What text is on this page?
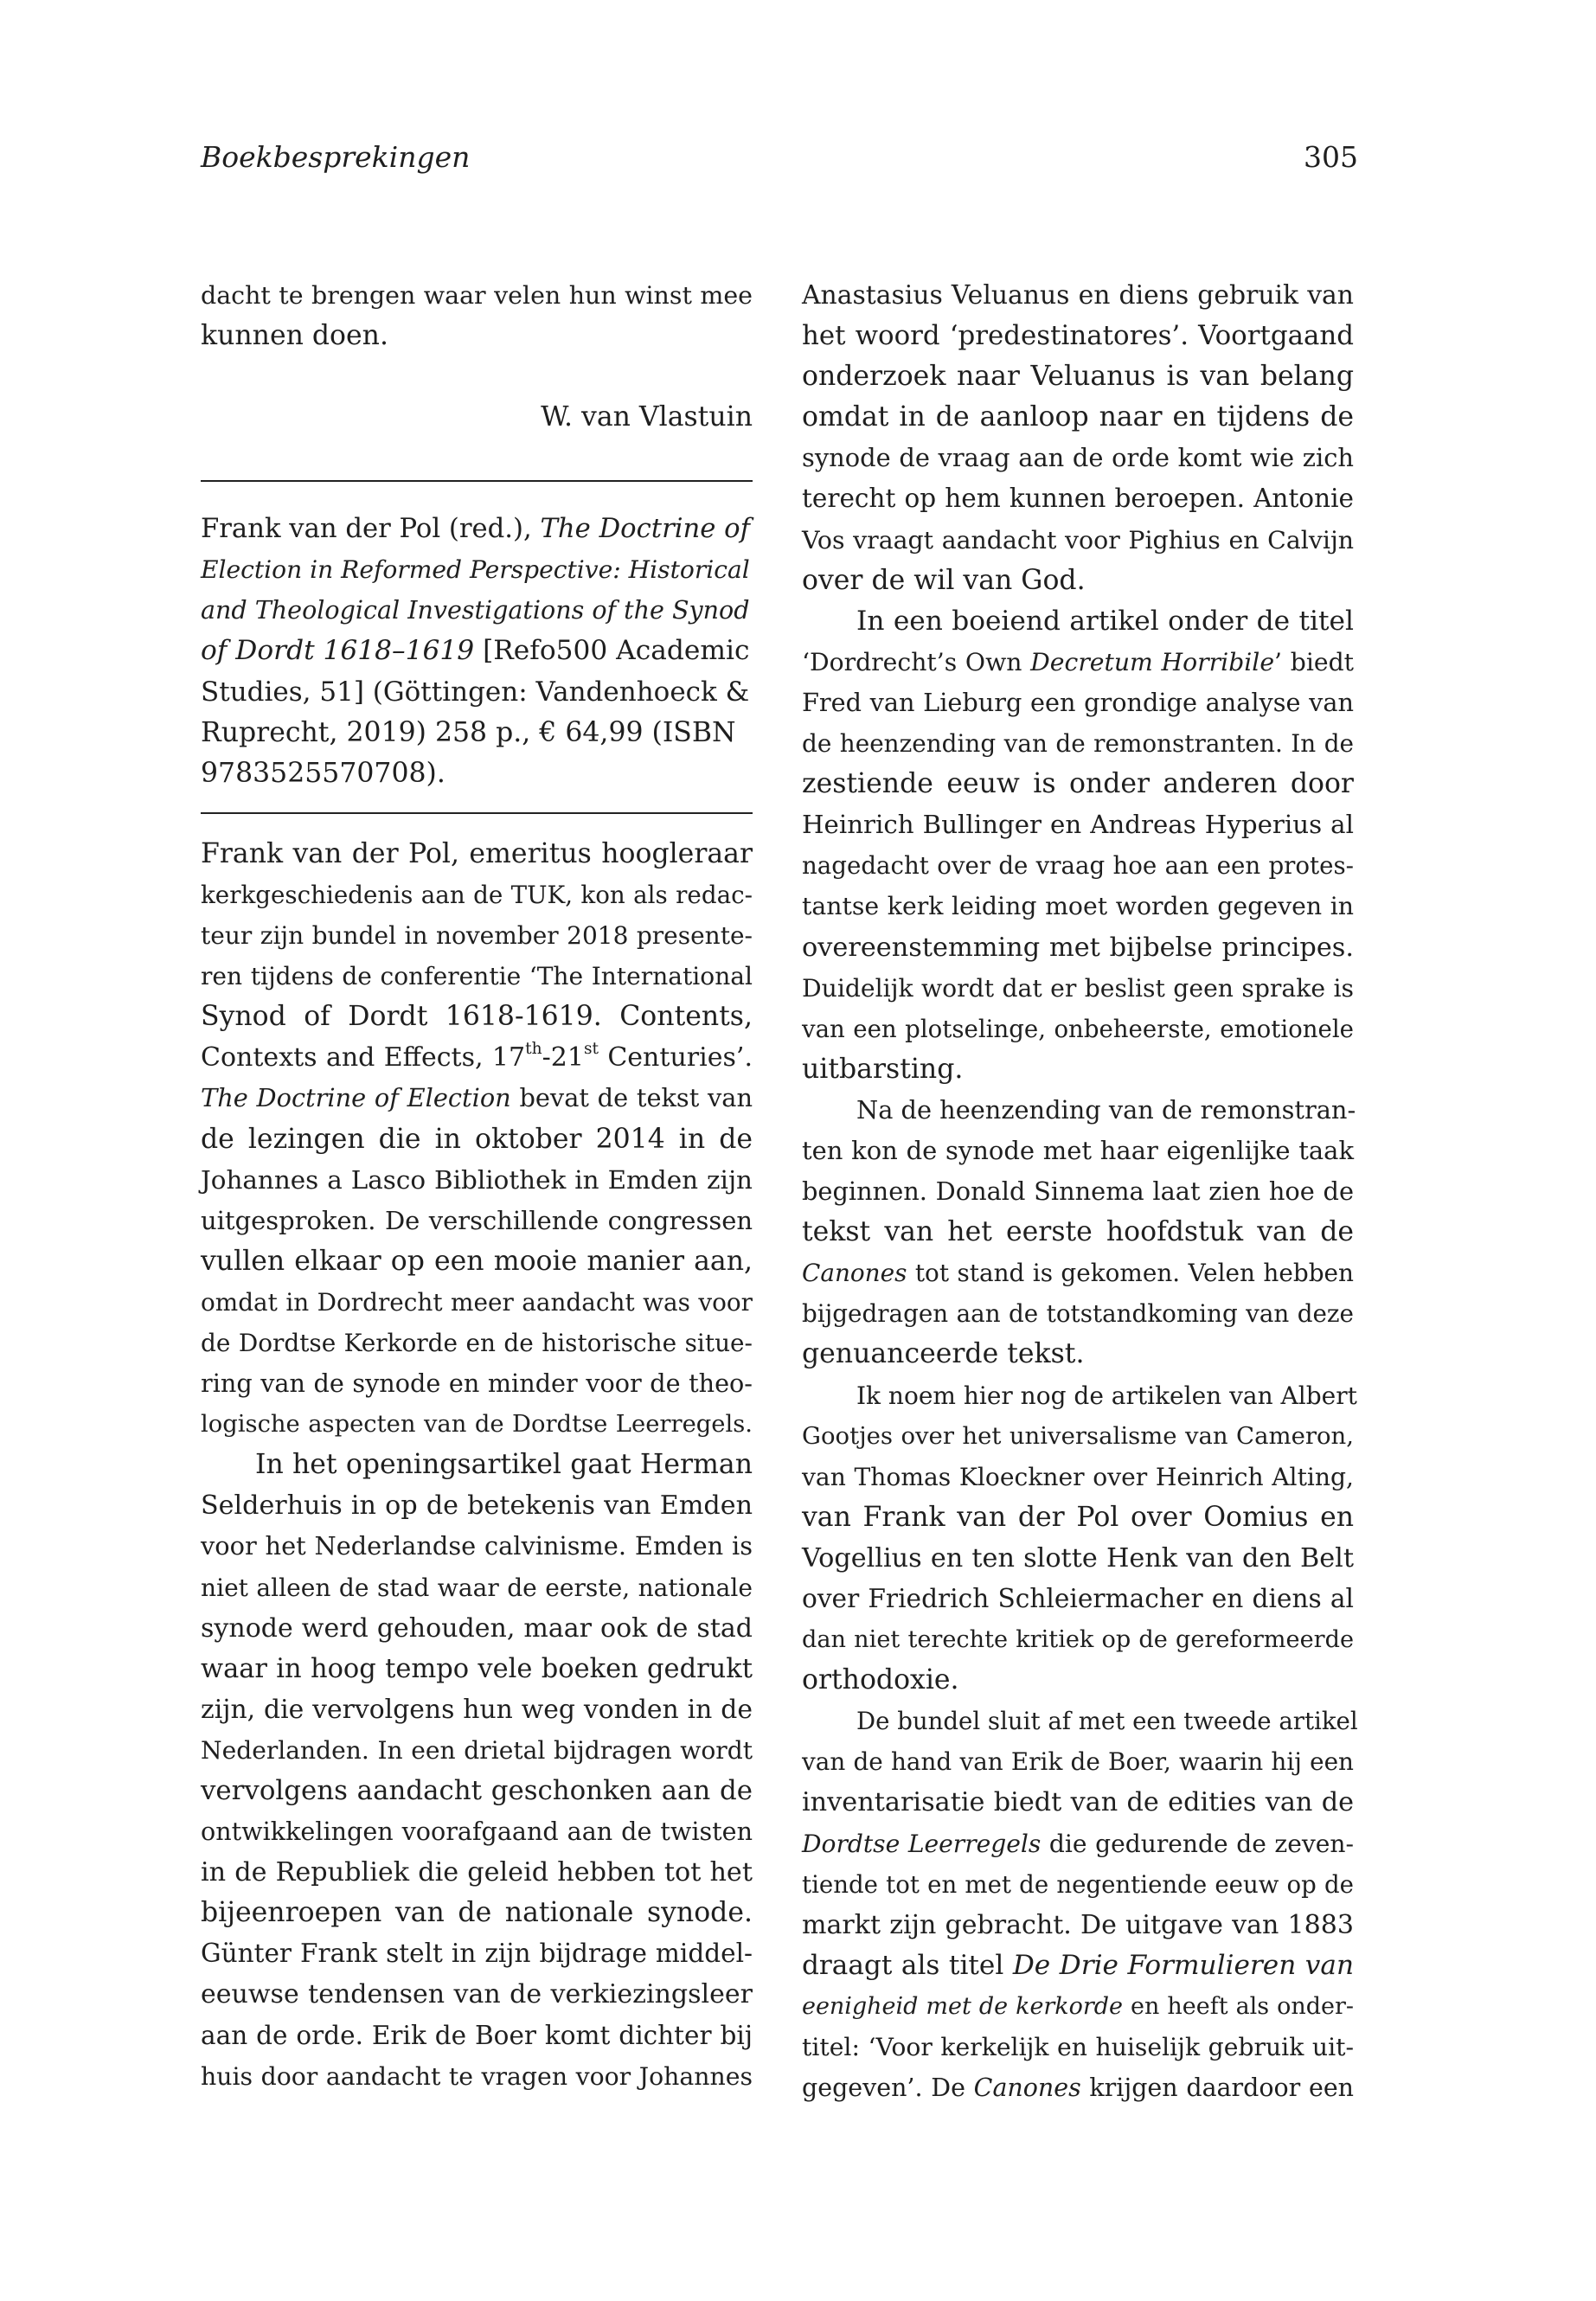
Boekbesprekingen	305
dacht te brengen waar velen hun winst mee
kunnen doen.
W. van Vlastuin
Frank van der Pol (red.), The Doctrine of
Election in Reformed Perspective: Historical
and Theological Investigations of the Synod
of Dordt 1618–1619 [Refo500 Academic
Studies, 51] (Göttingen: Vandenhoeck &
Ruprecht, 2019) 258 p., € 64,99 (ISBN
9783525570708).
Frank van der Pol, emeritus hoogleraar
kerkgeschiedenis aan de TUK, kon als redac-
teur zijn bundel in november 2018 presente-
ren tijdens de conferentie ‘The International
Synod of Dordt 1618-1619. Contents,
Contexts and Effects, 17th-21st Centuries’.
The Doctrine of Election bevat de tekst van
de lezingen die in oktober 2014 in de
Johannes a Lasco Bibliothek in Emden zijn
uitgesproken. De verschillende congressen
vullen elkaar op een mooie manier aan,
omdat in Dordrecht meer aandacht was voor
de Dordtse Kerkorde en de historische situe-
ring van de synode en minder voor de theo-
logische aspecten van de Dordtse Leerregels.
In het openingsartikel gaat Herman
Selderhuis in op de betekenis van Emden
voor het Nederlandse calvinisme. Emden is
niet alleen de stad waar de eerste, nationale
synode werd gehouden, maar ook de stad
waar in hoog tempo vele boeken gedrukt
zijn, die vervolgens hun weg vonden in de
Nederlanden. In een drietal bijdragen wordt
vervolgens aandacht geschonken aan de
ontwikkelingen voorafgaand aan de twisten
in de Republiek die geleid hebben tot het
bijeenroepen van de nationale synode.
Günter Frank stelt in zijn bijdrage middel-
eeuwse tendensen van de verkiezingsleer
aan de orde. Erik de Boer komt dichter bij
huis door aandacht te vragen voor Johannes
Anastasius Veluanus en diens gebruik van
het woord ‘predestinatores’. Voortgaand
onderzoek naar Veluanus is van belang
omdat in de aanloop naar en tijdens de
synode de vraag aan de orde komt wie zich
terecht op hem kunnen beroepen. Antonie
Vos vraagt aandacht voor Pighius en Calvijn
over de wil van God.
In een boeiend artikel onder de titel
‘Dordrecht’s Own Decretum Horribile’ biedt
Fred van Lieburg een grondige analyse van
de heenzending van de remonstranten. In de
zestiende eeuw is onder anderen door
Heinrich Bullinger en Andreas Hyperius al
nagedacht over de vraag hoe aan een protes-
tantse kerk leiding moet worden gegeven in
overeenstemming met bijbelse principes.
Duidelijk wordt dat er beslist geen sprake is
van een plotselinge, onbeheerste, emotionele
uitbarsting.
Na de heenzending van de remonstran-
ten kon de synode met haar eigenlijke taak
beginnen. Donald Sinnema laat zien hoe de
tekst van het eerste hoofdstuk van de
Canones tot stand is gekomen. Velen hebben
bijgedragen aan de totstandkoming van deze
genuanceerde tekst.
Ik noem hier nog de artikelen van Albert
Gootjes over het universalisme van Cameron,
van Thomas Kloeckner over Heinrich Alting,
van Frank van der Pol over Oomius en
Vogellius en ten slotte Henk van den Belt
over Friedrich Schleiermacher en diens al
dan niet terechte kritiek op de gereformeerde
orthodoxie.
De bundel sluit af met een tweede artikel
van de hand van Erik de Boer, waarin hij een
inventarisatie biedt van de edities van de
Dordtse Leerregels die gedurende de zeven-
tiende tot en met de negentiende eeuw op de
markt zijn gebracht. De uitgave van 1883
draagt als titel De Drie Formulieren van
eenigheid met de kerkorde en heeft als onder-
titel: ‘Voor kerkelijk en huiselijk gebruik uit-
gegeven’. De Canones krijgen daardoor een
